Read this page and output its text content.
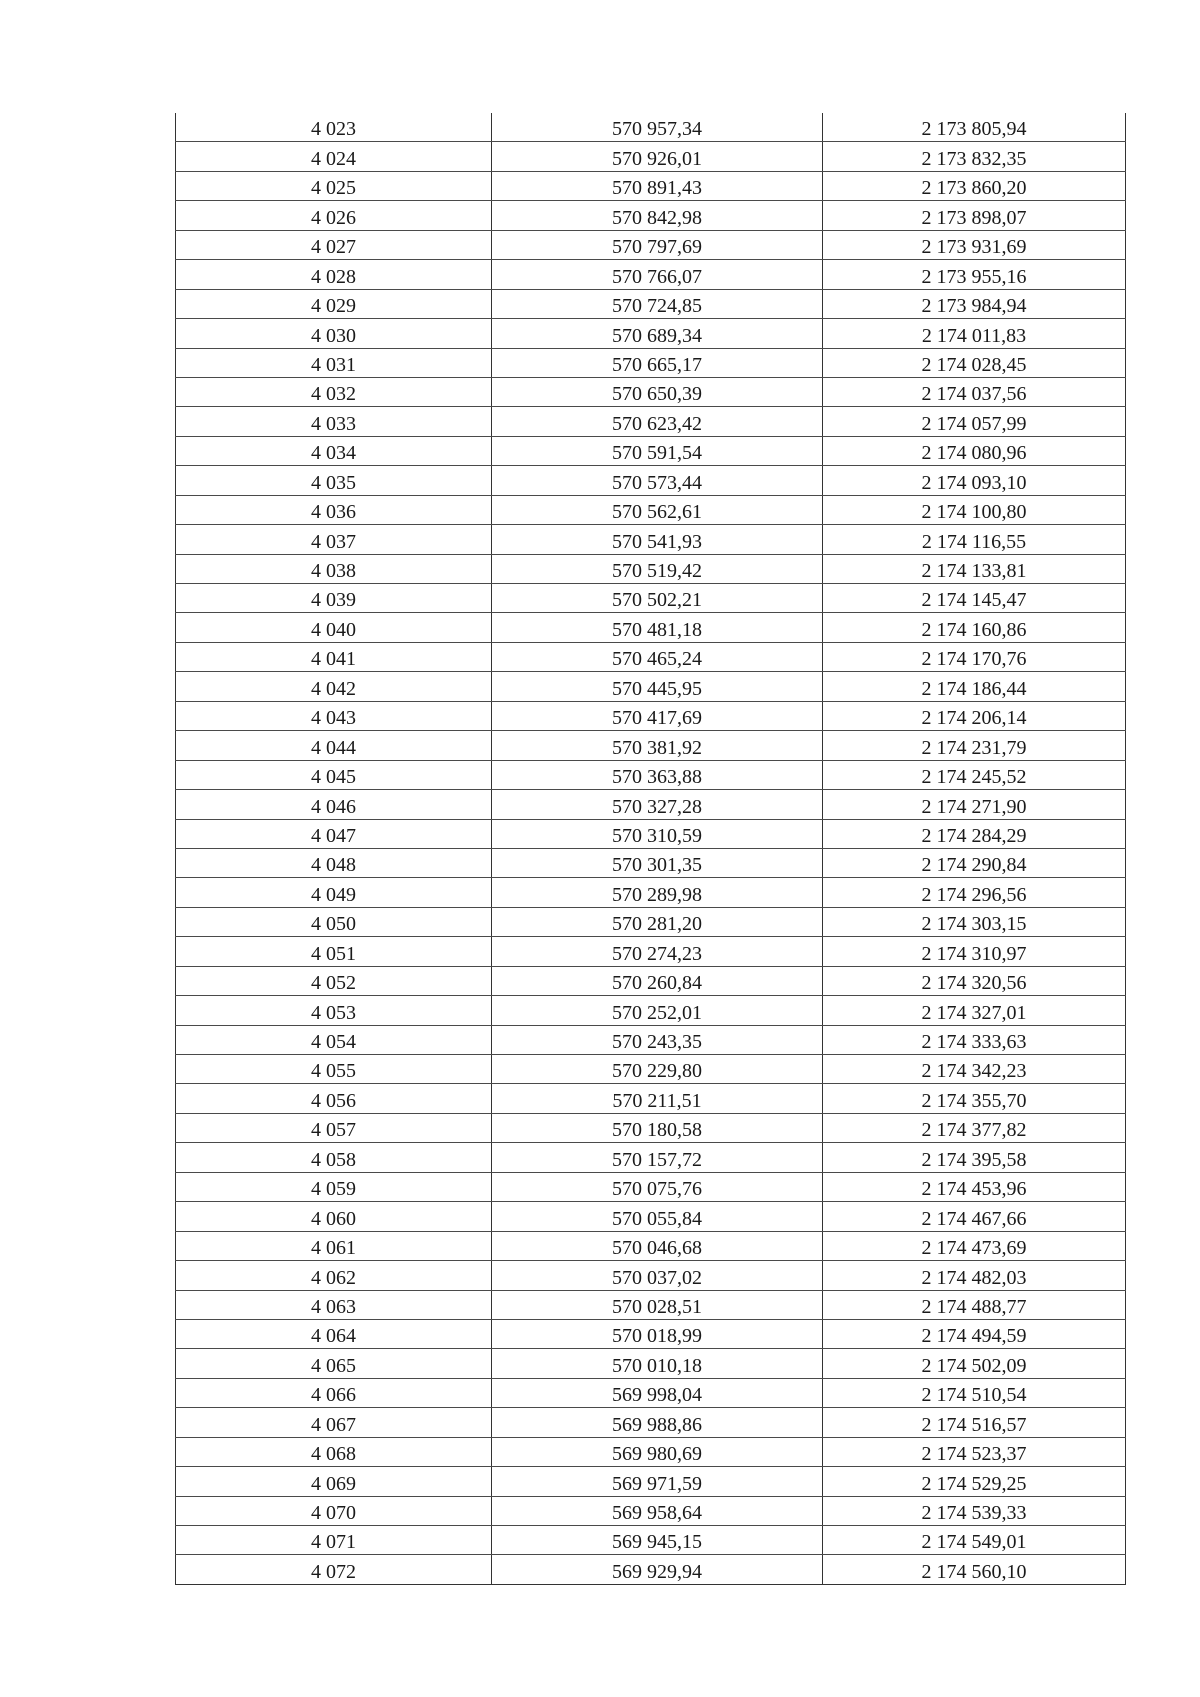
4 023	570 957,34	2 173 805,94
4 024	570 926,01	2 173 832,35
4 025	570 891,43	2 173 860,20
4 026	570 842,98	2 173 898,07
4 027	570 797,69	2 173 931,69
4 028	570 766,07	2 173 955,16
4 029	570 724,85	2 173 984,94
4 030	570 689,34	2 174 011,83
4 031	570 665,17	2 174 028,45
4 032	570 650,39	2 174 037,56
4 033	570 623,42	2 174 057,99
4 034	570 591,54	2 174 080,96
4 035	570 573,44	2 174 093,10
4 036	570 562,61	2 174 100,80
4 037	570 541,93	2 174 116,55
4 038	570 519,42	2 174 133,81
4 039	570 502,21	2 174 145,47
4 040	570 481,18	2 174 160,86
4 041	570 465,24	2 174 170,76
4 042	570 445,95	2 174 186,44
4 043	570 417,69	2 174 206,14
4 044	570 381,92	2 174 231,79
4 045	570 363,88	2 174 245,52
4 046	570 327,28	2 174 271,90
4 047	570 310,59	2 174 284,29
4 048	570 301,35	2 174 290,84
4 049	570 289,98	2 174 296,56
4 050	570 281,20	2 174 303,15
4 051	570 274,23	2 174 310,97
4 052	570 260,84	2 174 320,56
4 053	570 252,01	2 174 327,01
4 054	570 243,35	2 174 333,63
4 055	570 229,80	2 174 342,23
4 056	570 211,51	2 174 355,70
4 057	570 180,58	2 174 377,82
4 058	570 157,72	2 174 395,58
4 059	570 075,76	2 174 453,96
4 060	570 055,84	2 174 467,66
4 061	570 046,68	2 174 473,69
4 062	570 037,02	2 174 482,03
4 063	570 028,51	2 174 488,77
4 064	570 018,99	2 174 494,59
4 065	570 010,18	2 174 502,09
4 066	569 998,04	2 174 510,54
4 067	569 988,86	2 174 516,57
4 068	569 980,69	2 174 523,37
4 069	569 971,59	2 174 529,25
4 070	569 958,64	2 174 539,33
4 071	569 945,15	2 174 549,01
4 072	569 929,94	2 174 560,10
